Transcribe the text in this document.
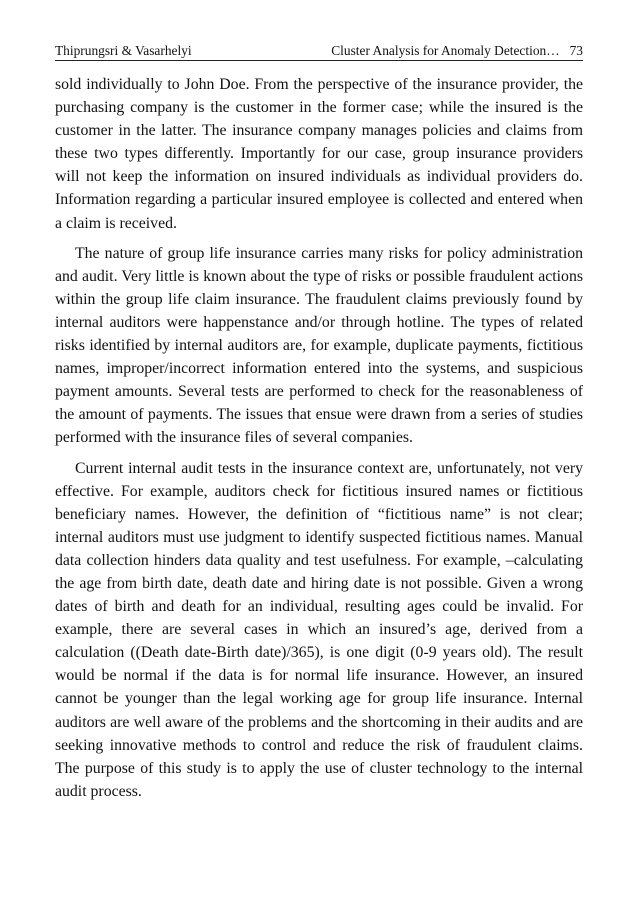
Thiprungsri & Vasarhelyi	Cluster Analysis for Anomaly Detection… 73

sold individually to John Doe. From the perspective of the insurance provider, the purchasing company is the customer in the former case; while the insured is the customer in the latter. The insurance company manages policies and claims from these two types differently. Importantly for our case, group insurance providers will not keep the information on insured individuals as individual providers do. Information regarding a particular insured employee is collected and entered when a claim is received.

The nature of group life insurance carries many risks for policy administration and audit. Very little is known about the type of risks or possible fraudulent actions within the group life claim insurance. The fraudulent claims previously found by internal auditors were happenstance and/or through hotline. The types of related risks identified by internal auditors are, for example, duplicate payments, fictitious names, improper/incorrect information entered into the systems, and suspicious payment amounts. Several tests are performed to check for the reasonableness of the amount of payments. The issues that ensue were drawn from a series of studies performed with the insurance files of several companies.

Current internal audit tests in the insurance context are, unfortunately, not very effective. For example, auditors check for fictitious insured names or fictitious beneficiary names. However, the definition of “fictitious name” is not clear; internal auditors must use judgment to identify suspected fictitious names. Manual data collection hinders data quality and test usefulness. For example, –calculating the age from birth date, death date and hiring date is not possible. Given a wrong dates of birth and death for an individual, resulting ages could be invalid. For example, there are several cases in which an insured’s age, derived from a calculation ((Death date-Birth date)/365), is one digit (0-9 years old). The result would be normal if the data is for normal life insurance. However, an insured cannot be younger than the legal working age for group life insurance. Internal auditors are well aware of the problems and the shortcoming in their audits and are seeking innovative methods to control and reduce the risk of fraudulent claims. The purpose of this study is to apply the use of cluster technology to the internal audit process.
